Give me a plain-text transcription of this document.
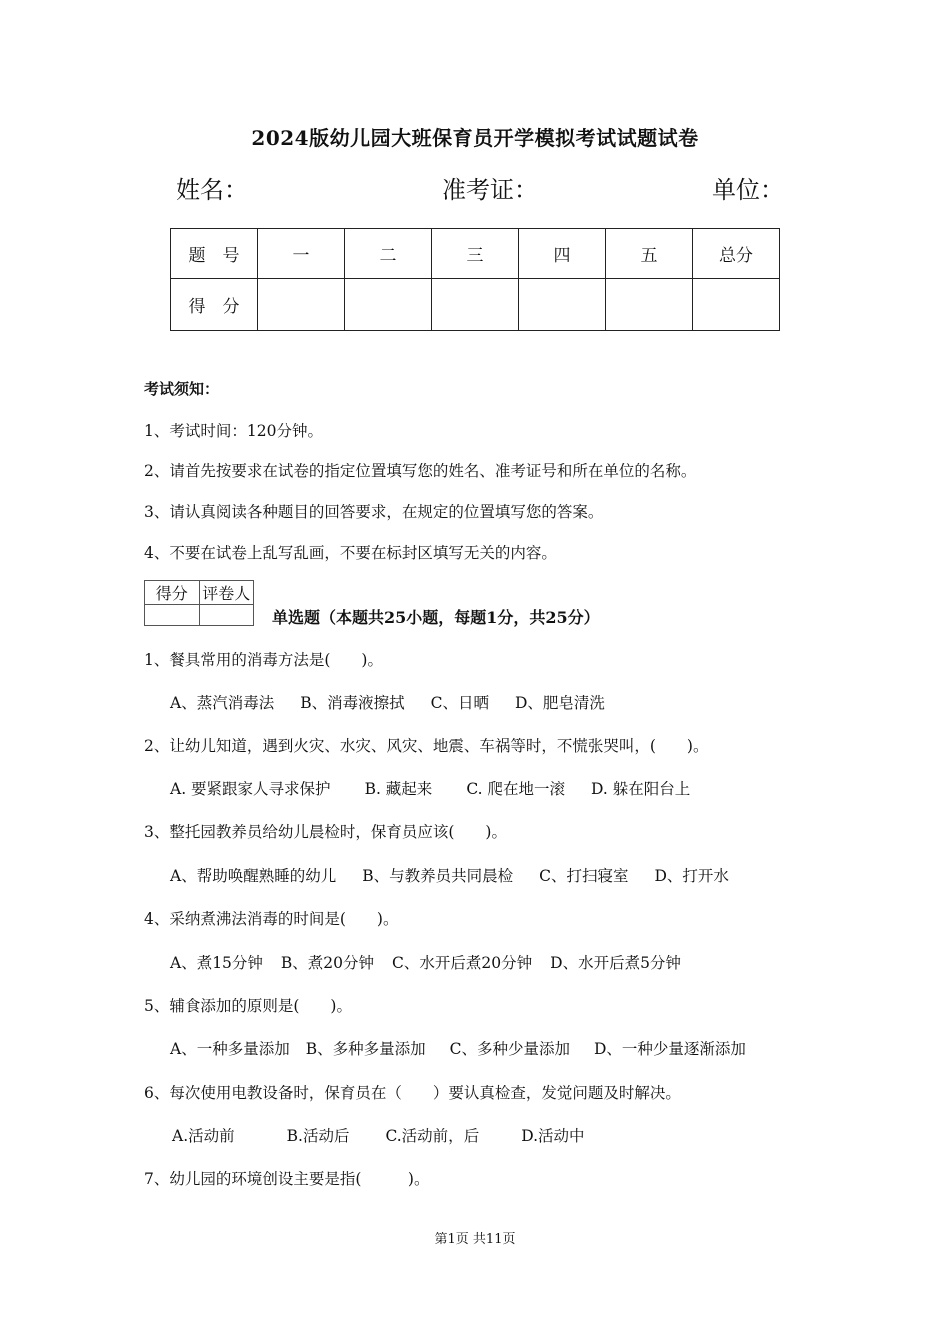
2024版幼儿园大班保育员开学模拟考试试题试卷
姓名：	准考证：	单位：
题　号	一	二	三	四	五	总分
得　分						
考试须知：
1、考试时间：120分钟。
2、请首先按要求在试卷的指定位置填写您的姓名、准考证号和所在单位的名称。
3、请认真阅读各种题目的回答要求，在规定的位置填写您的答案。
4、不要在试卷上乱写乱画，不要在标封区填写无关的内容。
得分	评卷人

单选题（本题共25小题，每题1分，共25分）
1、餐具常用的消毒方法是(　　)。
A、蒸汽消毒法 B、消毒液擦拭 C、日晒 D、肥皂清洗
2、让幼儿知道，遇到火灾、水灾、风灾、地震、车祸等时，不慌张哭叫，(　　)。
A. 要紧跟家人寻求保护 B. 藏起来 C. 爬在地一滚 D. 躲在阳台上
3、整托园教养员给幼儿晨检时，保育员应该(　　)。
A、帮助唤醒熟睡的幼儿 B、与教养员共同晨检 C、打扫寝室 D、打开水
4、采纳煮沸法消毒的时间是(　　)。
A、煮15分钟 B、煮20分钟 C、水开后煮20分钟 D、水开后煮5分钟
5、辅食添加的原则是(　　)。
A、一种多量添加 B、多种多量添加 C、多种少量添加 D、一种少量逐渐添加
6、每次使用电教设备时，保育员在（　　）要认真检查，发觉问题及时解决。
A.活动前	B.活动后 C.活动前，后	D.活动中
7、幼儿园的环境创设主要是指(　　　)。
第1页 共11页
